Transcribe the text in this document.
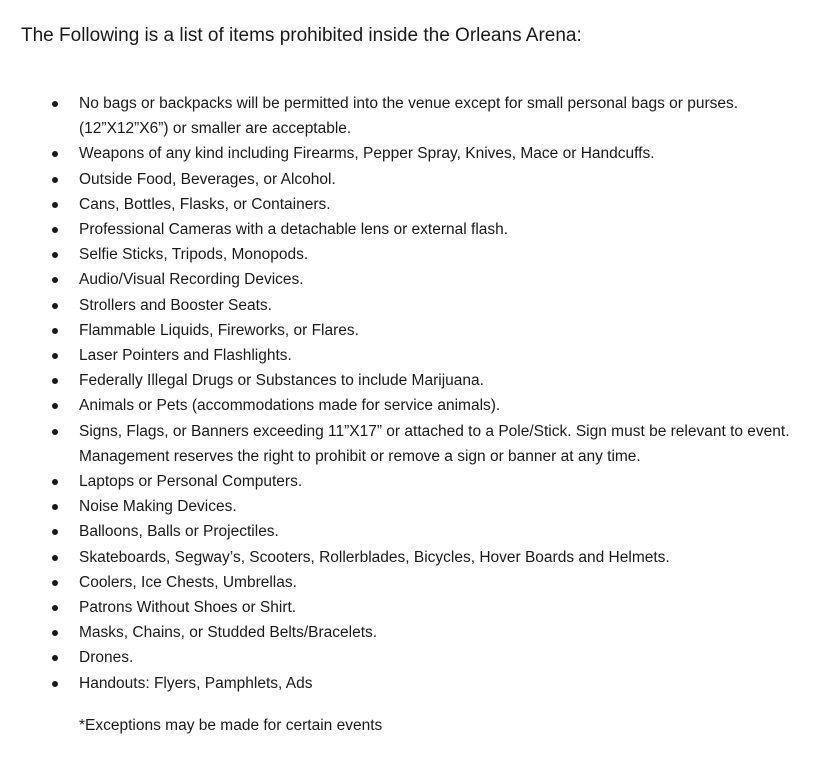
The Following is a list of items prohibited inside the Orleans Arena:
No bags or backpacks will be permitted into the venue except for small personal bags or purses. (12”X12”X6”) or smaller are acceptable.
Weapons of any kind including Firearms, Pepper Spray, Knives, Mace or Handcuffs.
Outside Food, Beverages, or Alcohol.
Cans, Bottles, Flasks, or Containers.
Professional Cameras with a detachable lens or external flash.
Selfie Sticks, Tripods, Monopods.
Audio/Visual Recording Devices.
Strollers and Booster Seats.
Flammable Liquids, Fireworks, or Flares.
Laser Pointers and Flashlights.
Federally Illegal Drugs or Substances to include Marijuana.
Animals or Pets (accommodations made for service animals).
Signs, Flags, or Banners exceeding 11”X17” or attached to a Pole/Stick. Sign must be relevant to event. Management reserves the right to prohibit or remove a sign or banner at any time.
Laptops or Personal Computers.
Noise Making Devices.
Balloons, Balls or Projectiles.
Skateboards, Segway’s, Scooters, Rollerblades, Bicycles, Hover Boards and Helmets.
Coolers, Ice Chests, Umbrellas.
Patrons Without Shoes or Shirt.
Masks, Chains, or Studded Belts/Bracelets.
Drones.
Handouts: Flyers, Pamphlets, Ads
*Exceptions may be made for certain events
